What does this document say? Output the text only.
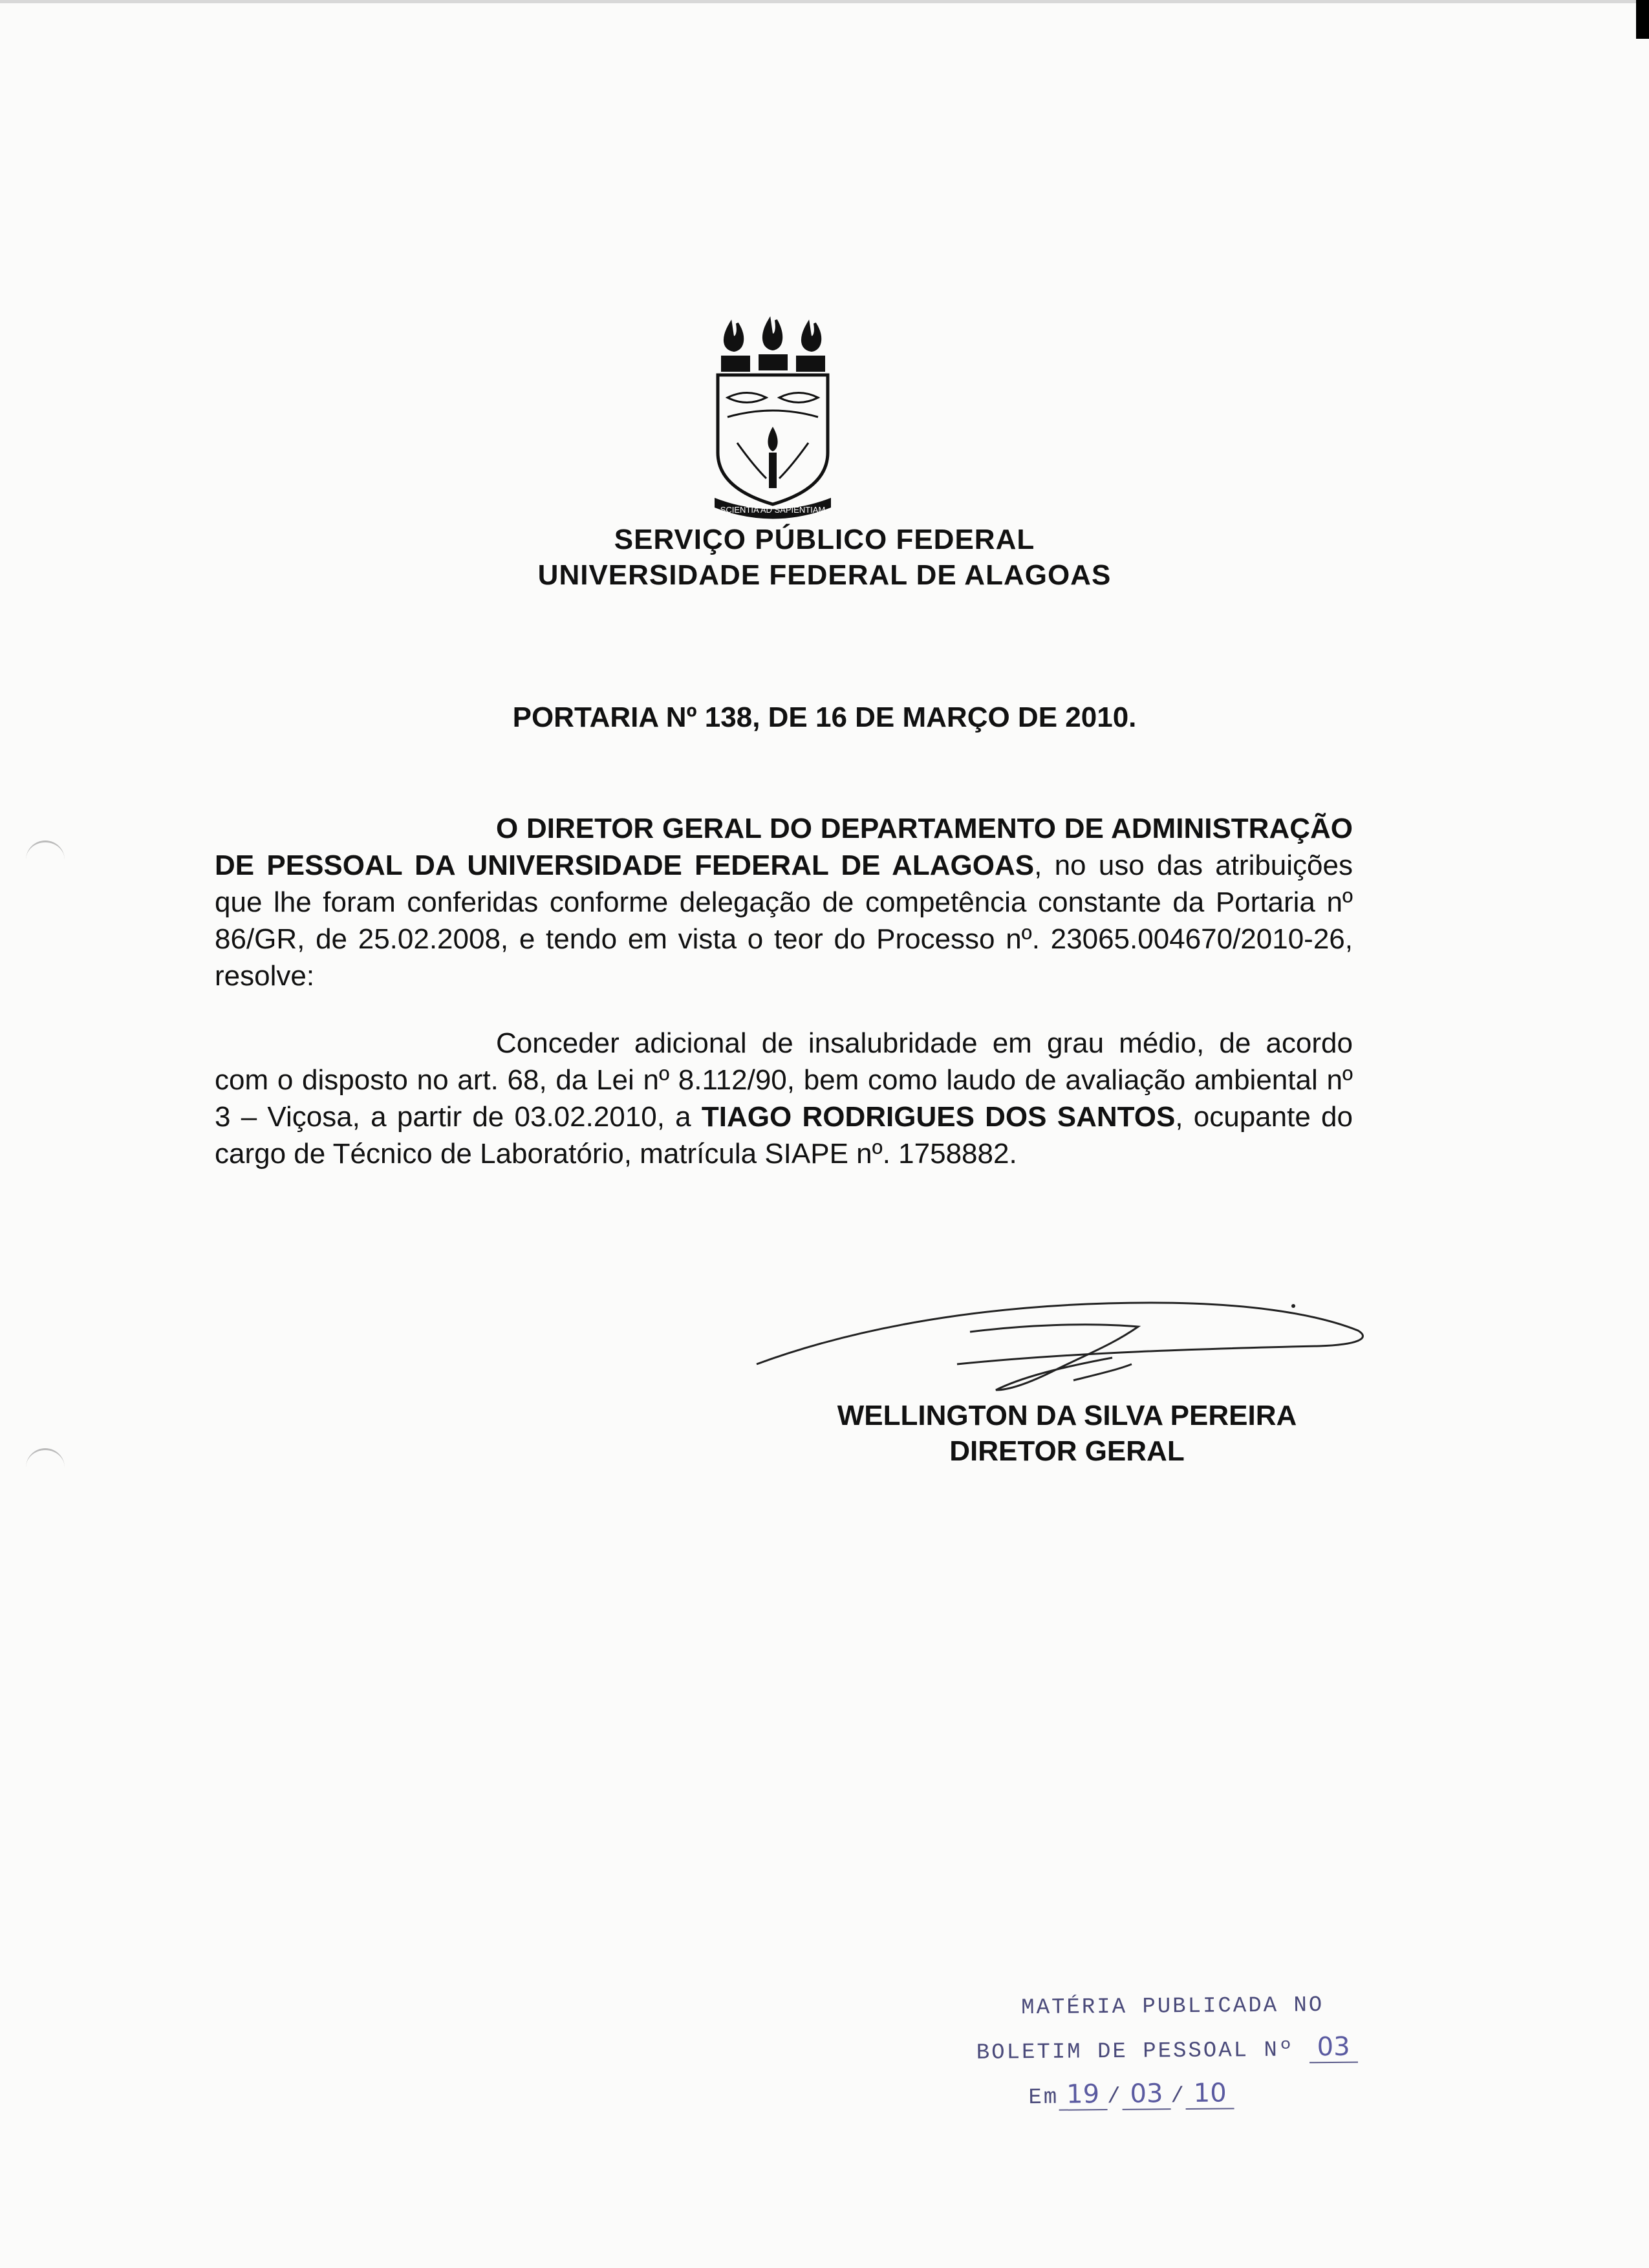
SCIENTIA AD SAPIENTIAM
SERVIÇO PÚBLICO FEDERAL
UNIVERSIDADE FEDERAL DE ALAGOAS
PORTARIA Nº 138, DE 16 DE MARÇO DE 2010.
O DIRETOR GERAL DO DEPARTAMENTO DE ADMINISTRAÇÃO DE PESSOAL DA UNIVERSIDADE FEDERAL DE ALAGOAS, no uso das atribuições que lhe foram conferidas conforme delegação de competência constante da Portaria nº 86/GR, de 25.02.2008, e tendo em vista o teor do Processo nº. 23065.004670/2010-26, resolve:
Conceder adicional de insalubridade em grau médio, de acordo com o disposto no art. 68, da Lei nº 8.112/90, bem como laudo de avaliação ambiental nº 3 – Viçosa, a partir de 03.02.2010, a TIAGO RODRIGUES DOS SANTOS, ocupante do cargo de Técnico de Laboratório, matrícula SIAPE nº. 1758882.
WELLINGTON DA SILVA PEREIRA
DIRETOR GERAL
MATÉRIA PUBLICADA NO
BOLETIM DE PESSOAL Nº 03
Em 19 / 03 / 10
